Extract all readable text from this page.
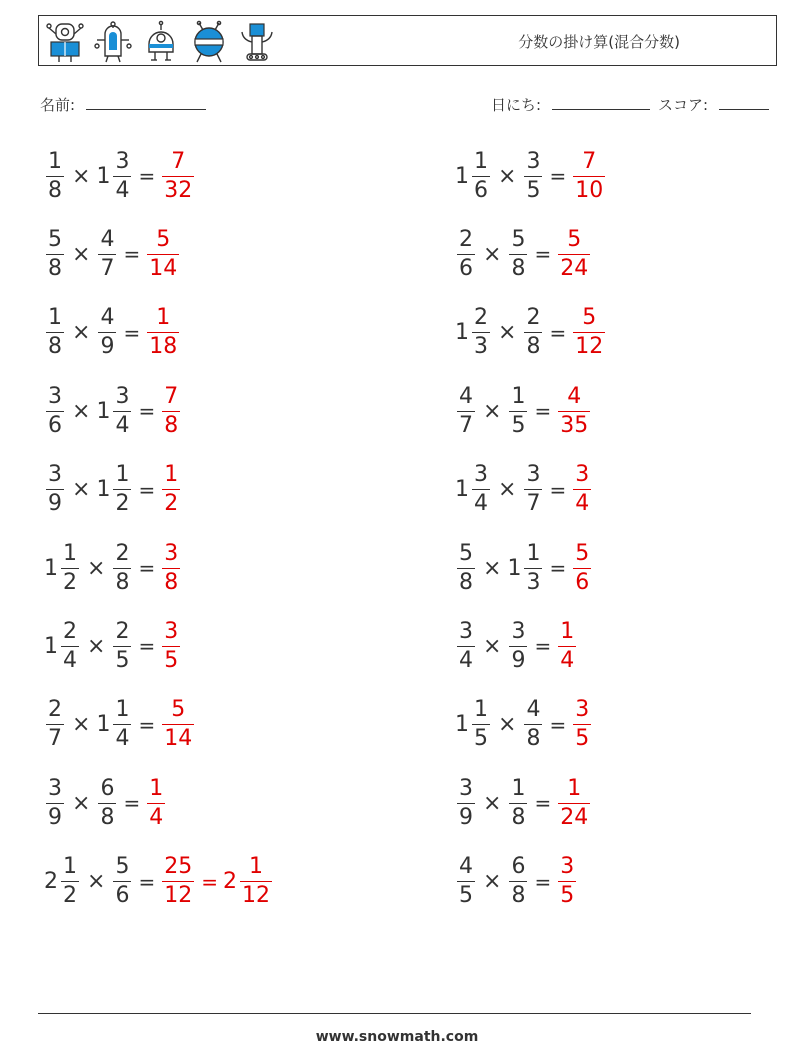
分数の掛け算(混合分数)
名前:	日にち:	スコア:
$\frac{1}{8} \times 1 \frac{3}{4} = \frac{7}{32}$	$1 \frac{1}{6} \times \frac{3}{5} = \frac{7}{10}$
$\frac{5}{8} \times \frac{4}{7} = \frac{5}{14}$	$\frac{2}{6} \times \frac{5}{8} = \frac{5}{24}$
$\frac{1}{8} \times \frac{4}{9} = \frac{1}{18}$	$1 \frac{2}{3} \times \frac{2}{8} = \frac{5}{12}$
$\frac{3}{6} \times 1 \frac{3}{4} = \frac{7}{8}$	$\frac{4}{7} \times \frac{1}{5} = \frac{4}{35}$
$\frac{3}{9} \times 1 \frac{1}{2} = \frac{1}{2}$	$1 \frac{3}{4} \times \frac{3}{7} = \frac{3}{4}$
$1 \frac{1}{2} \times \frac{2}{8} = \frac{3}{8}$	$\frac{5}{8} \times 1 \frac{1}{3} = \frac{5}{6}$
$1 \frac{2}{4} \times \frac{2}{5} = \frac{3}{5}$	$\frac{3}{4} \times \frac{3}{9} = \frac{1}{4}$
$\frac{2}{7} \times 1 \frac{1}{4} = \frac{5}{14}$	$1 \frac{1}{5} \times \frac{4}{8} = \frac{3}{5}$
$\frac{3}{9} \times \frac{6}{8} = \frac{1}{4}$	$\frac{3}{9} \times \frac{1}{8} = \frac{1}{24}$
$2 \frac{1}{2} \times \frac{5}{6} = \frac{25}{12} = 2 \frac{1}{12}$	$\frac{4}{5} \times \frac{6}{8} = \frac{3}{5}$
www.snowmath.com
